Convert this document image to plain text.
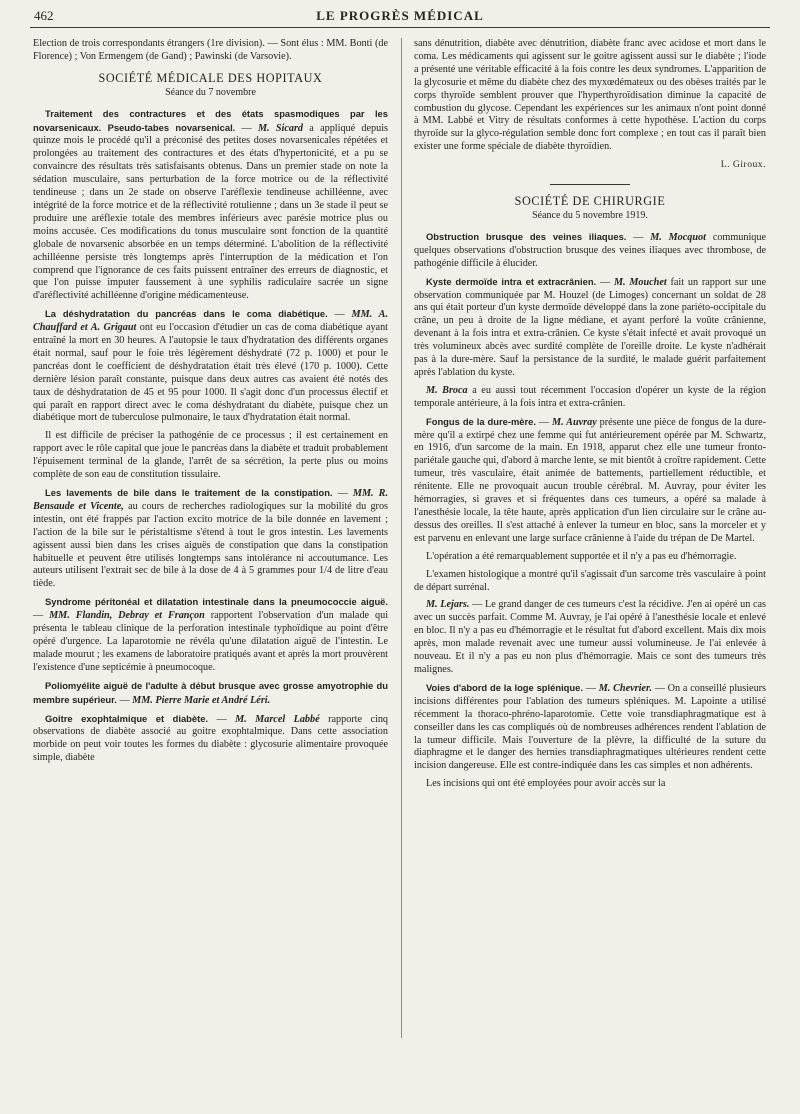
462	LE PROGRÈS MÉDICAL

Election de trois correspondants étrangers (1re division). — Sont élus : MM. Bonti (de Florence) ; Von Ermengem (de Gand) ; Pawinski (de Varsovie).

SOCIÉTÉ MÉDICALE DES HOPITAUX
Séance du 7 novembre

Traitement des contractures et des états spasmodiques par les novarsenicaux. Pseudo-tabes novarsenical. — M. Sicard a appliqué depuis quinze mois le procédé qu'il a préconisé des petites doses novarsenicales répétées et prolongées au traitement des contractures et des états d'hypertonicité, et a pu se convaincre des résultats très satisfaisants obtenus. Dans un premier stade on note la sédation musculaire, sans perturbation de la force motrice ou de la réflectivité tendineuse ; dans un 2e stade on observe l'aréflexie tendineuse achilléenne, avec intégrité de la force motrice et de la réflectivité rotulienne ; dans un 3e stade il peut se produire une aréflexie totale des membres inférieurs avec parésie motrice plus ou moins accusée. Ces modifications du tonus musculaire sont fonction de la quantité globale de novarsenic absorbée en un temps déterminé. L'abolition de la réflectivité achilléenne persiste très longtemps après l'interruption de la médication et l'on comprend que l'ignorance de ces faits puissent entraîner des erreurs de diagnostic, et que l'on puisse imputer faussement à une syphilis radiculaire sacrée un signe d'aréflectivité achilléenne d'origine médicamenteuse.

La déshydratation du pancréas dans le coma diabétique. — MM. A. Chauffard et A. Grigaut ont eu l'occasion d'étudier un cas de coma diabétique ayant entraîné la mort en 30 heures. A l'autopsie le taux d'hydratation des différents organes était normal, sauf pour le foie très légèrement déshydraté (72 p. 1000) et pour le pancréas dont le coefficient de déshydratation était très élevé (170 p. 1000). Cette dernière lésion paraît constante, puisque dans deux autres cas avaient été notés des taux de déshydratation de 45 et 95 pour 1000. Il s'agit donc d'un processus électif et qui paraît en rapport direct avec le coma déshydratant du diabète, puisque chez un diabétique mort de tuberculose pulmonaire, le taux d'hydratation était normal.

Il est difficile de préciser la pathogénie de ce processus ; il est certainement en rapport avec le rôle capital que joue le pancréas dans la diabète et traduit probablement l'épuisement terminal de la glande, l'arrêt de sa sécrétion, la perte plus ou moins complète de son eau de constitution tissulaire.

Les lavements de bile dans le traitement de la constipation. — MM. R. Bensaude et Vicente, au cours de recherches radiologiques sur la mobilité du gros intestin, ont été frappés par l'action excito motrice de la bile donnée en lavement ; l'action de la bile sur le péristaltisme s'étend à tout le gros intestin. Les lavements agissent aussi bien dans les crises aiguës de constipation que dans la constipation habituelle et peuvent être utilisés longtemps sans intolérance ni accoutumance. Les auteurs utilisent l'extrait sec de bile à la dose de 4 à 5 grammes pour 1/4 de litre d'eau tiède.

Syndrome péritonéal et dilatation intestinale dans la pneumococcie aiguë. — MM. Flandin, Debray et Françon rapportent l'observation d'un malade qui présenta le tableau clinique de la perforation intestinale typhoïdique au point d'être opéré d'urgence. La laparotomie ne révéla qu'une dilatation aiguë de l'intestin. Le malade mourut ; les examens de laboratoire pratiqués avant et après la mort prouvèrent l'existence d'une septicémie à pneumocoque.

Poliomyélite aiguë de l'adulte à début brusque avec grosse amyotrophie du membre supérieur. — MM. Pierre Marie et André Léri.

Goitre exophtalmique et diabète. — M. Marcel Labbé rapporte cinq observations de diabète associé au goitre exophtalmique. Dans cette association morbide on peut voir toutes les formes du diabète : glycosurie alimentaire provoquée simple, diabète

sans dénutrition, diabète avec dénutrition, diabète franc avec acidose et mort dans le coma. Les médicaments qui agissent sur le goitre agissent aussi sur le diabète ; l'iode a présenté une véritable efficacité à la fois contre les deux syndromes. L'apparition de la glycosurie et même du diabète chez des myxœdémateux ou des obèses traités par le corps thyroïde semblent prouver que l'hyperthyroïdisation diminue la capacité de combustion du glycose. Cependant les expériences sur les animaux n'ont point donné à MM. Labbé et Vitry de résultats conformes à cette hypothèse. L'action du corps thyroïde sur la glyco-régulation semble donc fort complexe ; en tout cas il paraît bien exister une forme spéciale de diabète thyroïdien.

L. Giroux.
SOCIÉTÉ DE CHIRURGIE
Séance du 5 novembre 1919.

Obstruction brusque des veines iliaques. — M. Mocquot communique quelques observations d'obstruction brusque des veines iliaques avec thrombose, de pathogénie difficile à élucider.

Kyste dermoïde intra et extracrânien. — M. Mouchet fait un rapport sur une observation communiquée par M. Houzel (de Limoges) concernant un soldat de 28 ans qui était porteur d'un kyste dermoïde développé dans la zone pariéto-occipitale du crâne, un peu à droite de la ligne médiane, et ayant perforé la voûte crânienne, devenant à la fois intra et extra-crânien. Ce kyste s'était infecté et avait provoqué un très volumineux abcès avec surdité complète de l'oreille droite. Le kyste n'adhérait pas à la dure-mère. Sauf la persistance de la surdité, le malade guérit parfaitement après l'ablation du kyste.

M. Broca a eu aussi tout récemment l'occasion d'opérer un kyste de la région temporale antérieure, à la fois intra et extra-crânien.

Fongus de la dure-mère. — M. Auvray présente une pièce de fongus de la dure-mère qu'il a extirpé chez une femme qui fut antérieurement opérée par M. Schwartz, en 1916, d'un sarcome de la main. En 1918, apparut chez elle une tumeur fronto-pariétale gauche qui, d'abord à marche lente, se mit bientôt à croître rapidement. Cette tumeur, très vasculaire, était animée de battements, partiellement réductible, et rénitente. Elle ne provoquait aucun trouble cérébral. M. Auvray, pour éviter les hémorragies, si graves et si fréquentes dans ces tumeurs, a opéré sa malade à l'anesthésie locale, la tête haute, après application d'un lien circulaire sur le crâne au-dessus des oreilles. Il s'est attaché à enlever la tumeur en bloc, sans la morceler et y est parvenu en enlevant une large surface crânienne à l'aide du trépan de De Martel.

L'opération a été remarquablement supportée et il n'y a pas eu d'hémorragie.

L'examen histologique a montré qu'il s'agissait d'un sarcome très vasculaire à point de départ surrénal.

M. Lejars. — Le grand danger de ces tumeurs c'est la récidive. J'en ai opéré un cas avec un succès parfait. Comme M. Auvray, je l'ai opéré à l'anesthésie locale et enlevé en bloc. Il n'y a pas eu d'hémorragie et le résultat fut d'abord excellent. Mais dix mois après, mon malade revenait avec une tumeur aussi volumineuse. Je l'ai enlevée à nouveau. Et il n'y a pas eu non plus d'hémorragie. Mais ce sont des tumeurs très malignes.

Voies d'abord de la loge splénique. — M. Chevrier. — On a conseillé plusieurs incisions différentes pour l'ablation des tumeurs spléniques. M. Lapointe a utilisé récemment la thoraco-phréno-laparotomie. Cette voie transdiaphragmatique est à conseiller dans les cas compliqués où de nombreuses adhérences rendent l'ablation de la tumeur difficile. Mais l'ouverture de la plèvre, la difficulté de la suture du diaphragme et le danger des hernies transdiaphragmatiques ultérieures rendent cette incision dangereuse. Elle est contre-indiquée dans les cas simples et non adhérents.

Les incisions qui ont été employées pour avoir accès sur la
